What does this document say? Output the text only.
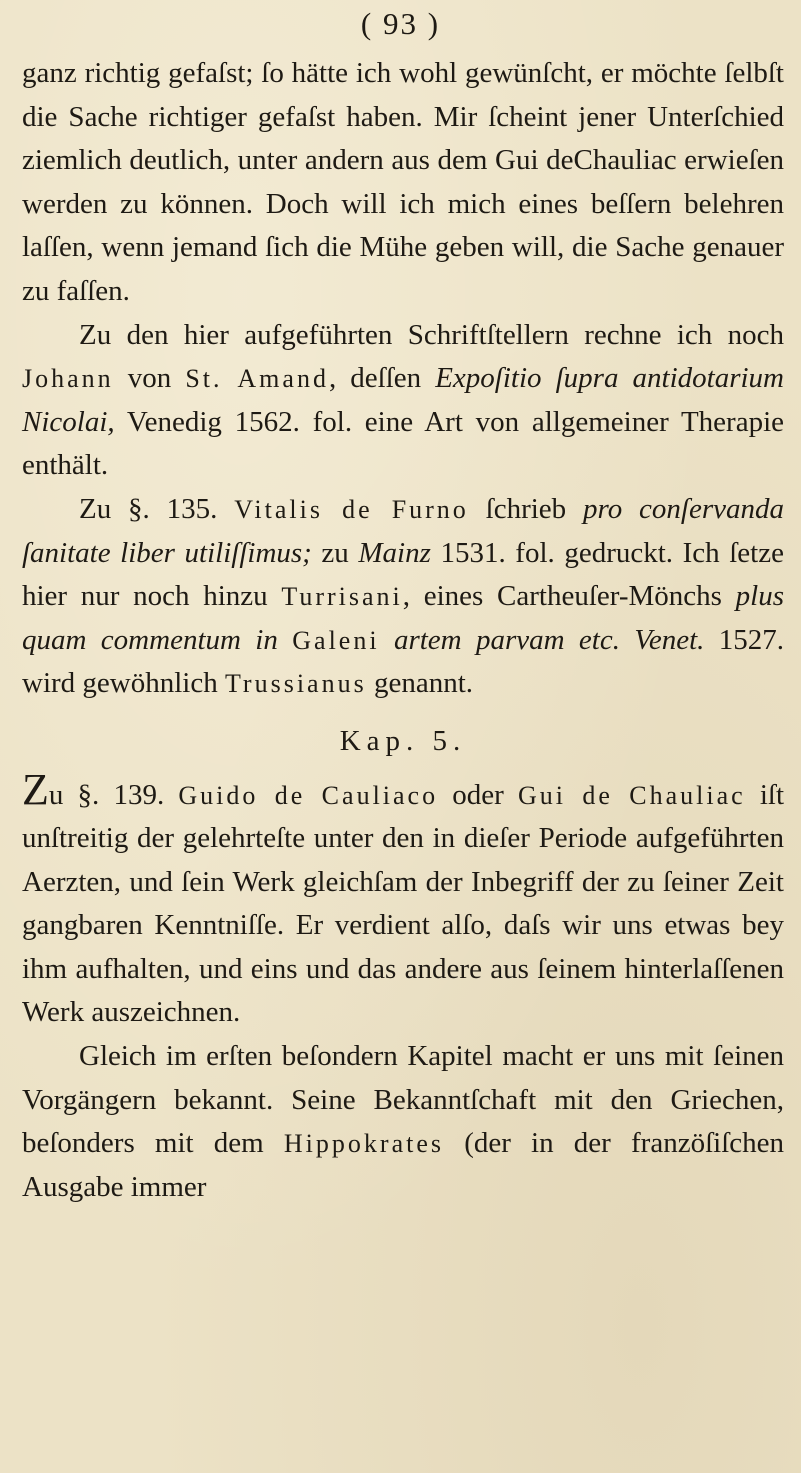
( 93 )

ganz richtig gefaſst; ſo hätte ich wohl gewünſcht, er möchte ſelbſt die Sache richtiger gefaſst haben. Mir ſcheint jener Unterſchied ziemlich deutlich, unter andern aus dem Gui deChauliac erwieſen werden zu können. Doch will ich mich eines beſſern belehren laſſen, wenn jemand ſich die Mühe geben will, die Sache genauer zu faſſen.

Zu den hier aufgeführten Schriftſtellern rechne ich noch Johann von St. Amand, deſſen Expoſitio ſupra antidotarium Nicolai, Venedig 1562. fol. eine Art von allgemeiner Therapie enthält.

Zu §. 135. Vitalis de Furno ſchrieb pro conſervanda ſanitate liber utiliſſimus; zu Mainz 1531. fol. gedruckt. Ich ſetze hier nur noch hinzu Turrisani, eines Cartheuſer-Mönchs plus quam commentum in Galeni artem parvam etc. Venet. 1527. wird gewöhnlich Trussianus genannt.

Kap. 5.

Zu §. 139. Guido de Cauliaco oder Gui de Chauliac iſt unſtreitig der gelehrteſte unter den in dieſer Periode aufgeführten Aerzten, und ſein Werk gleichſam der Inbegriff der zu ſeiner Zeit gangbaren Kenntniſſe. Er verdient alſo, daſs wir uns etwas bey ihm aufhalten, und eins und das andere aus ſeinem hinterlaſſenen Werk auszeichnen.

Gleich im erſten beſondern Kapitel macht er uns mit ſeinen Vorgängern bekannt. Seine Bekanntſchaft mit den Griechen, beſonders mit dem Hippokrates (der in der franzöſiſchen Ausgabe immer
